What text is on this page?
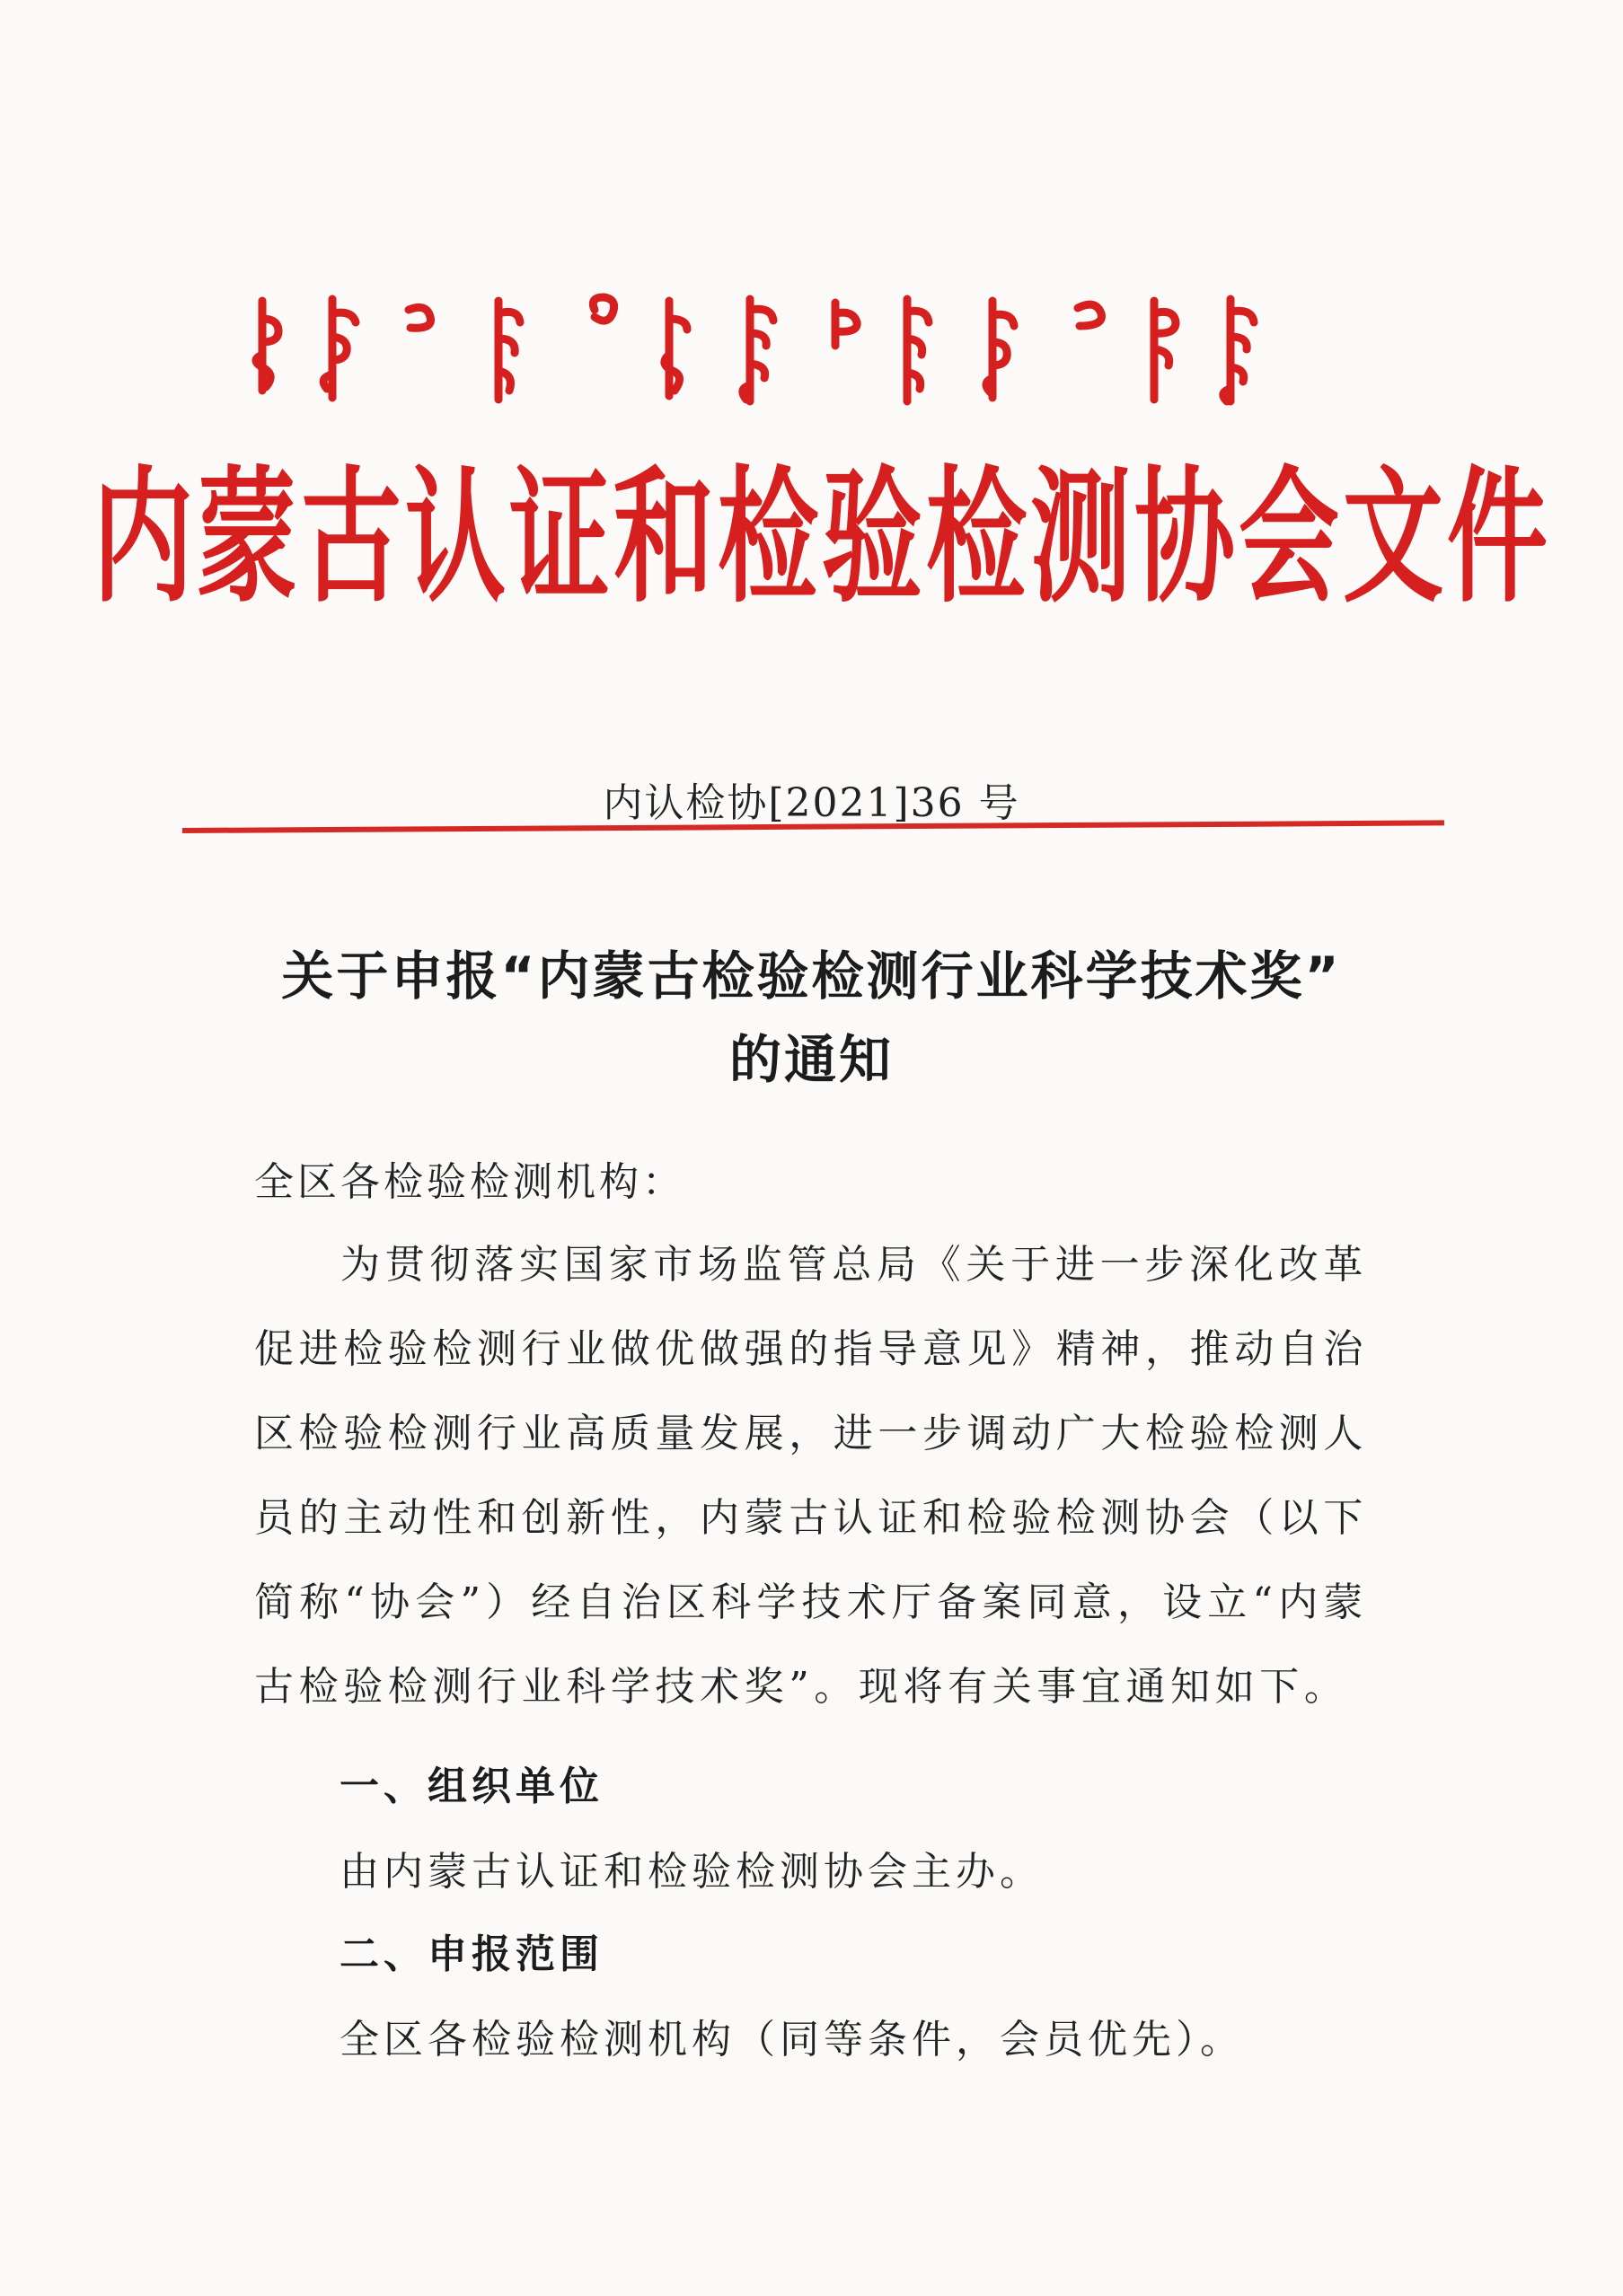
内蒙古认证和检验检测协会文件
内认检协[2021]36 号
关于申报“内蒙古检验检测行业科学技术奖”
的通知
全区各检验检测机构：
为贯彻落实国家市场监管总局《关于进一步深化改革促进检验检测行业做优做强的指导意见》精神，推动自治区检验检测行业高质量发展，进一步调动广大检验检测人员的主动性和创新性，内蒙古认证和检验检测协会（以下简称“协会”）经自治区科学技术厅备案同意，设立“内蒙古检验检测行业科学技术奖”。现将有关事宜通知如下。
一、组织单位
由内蒙古认证和检验检测协会主办。
二、申报范围
全区各检验检测机构（同等条件，会员优先）。
